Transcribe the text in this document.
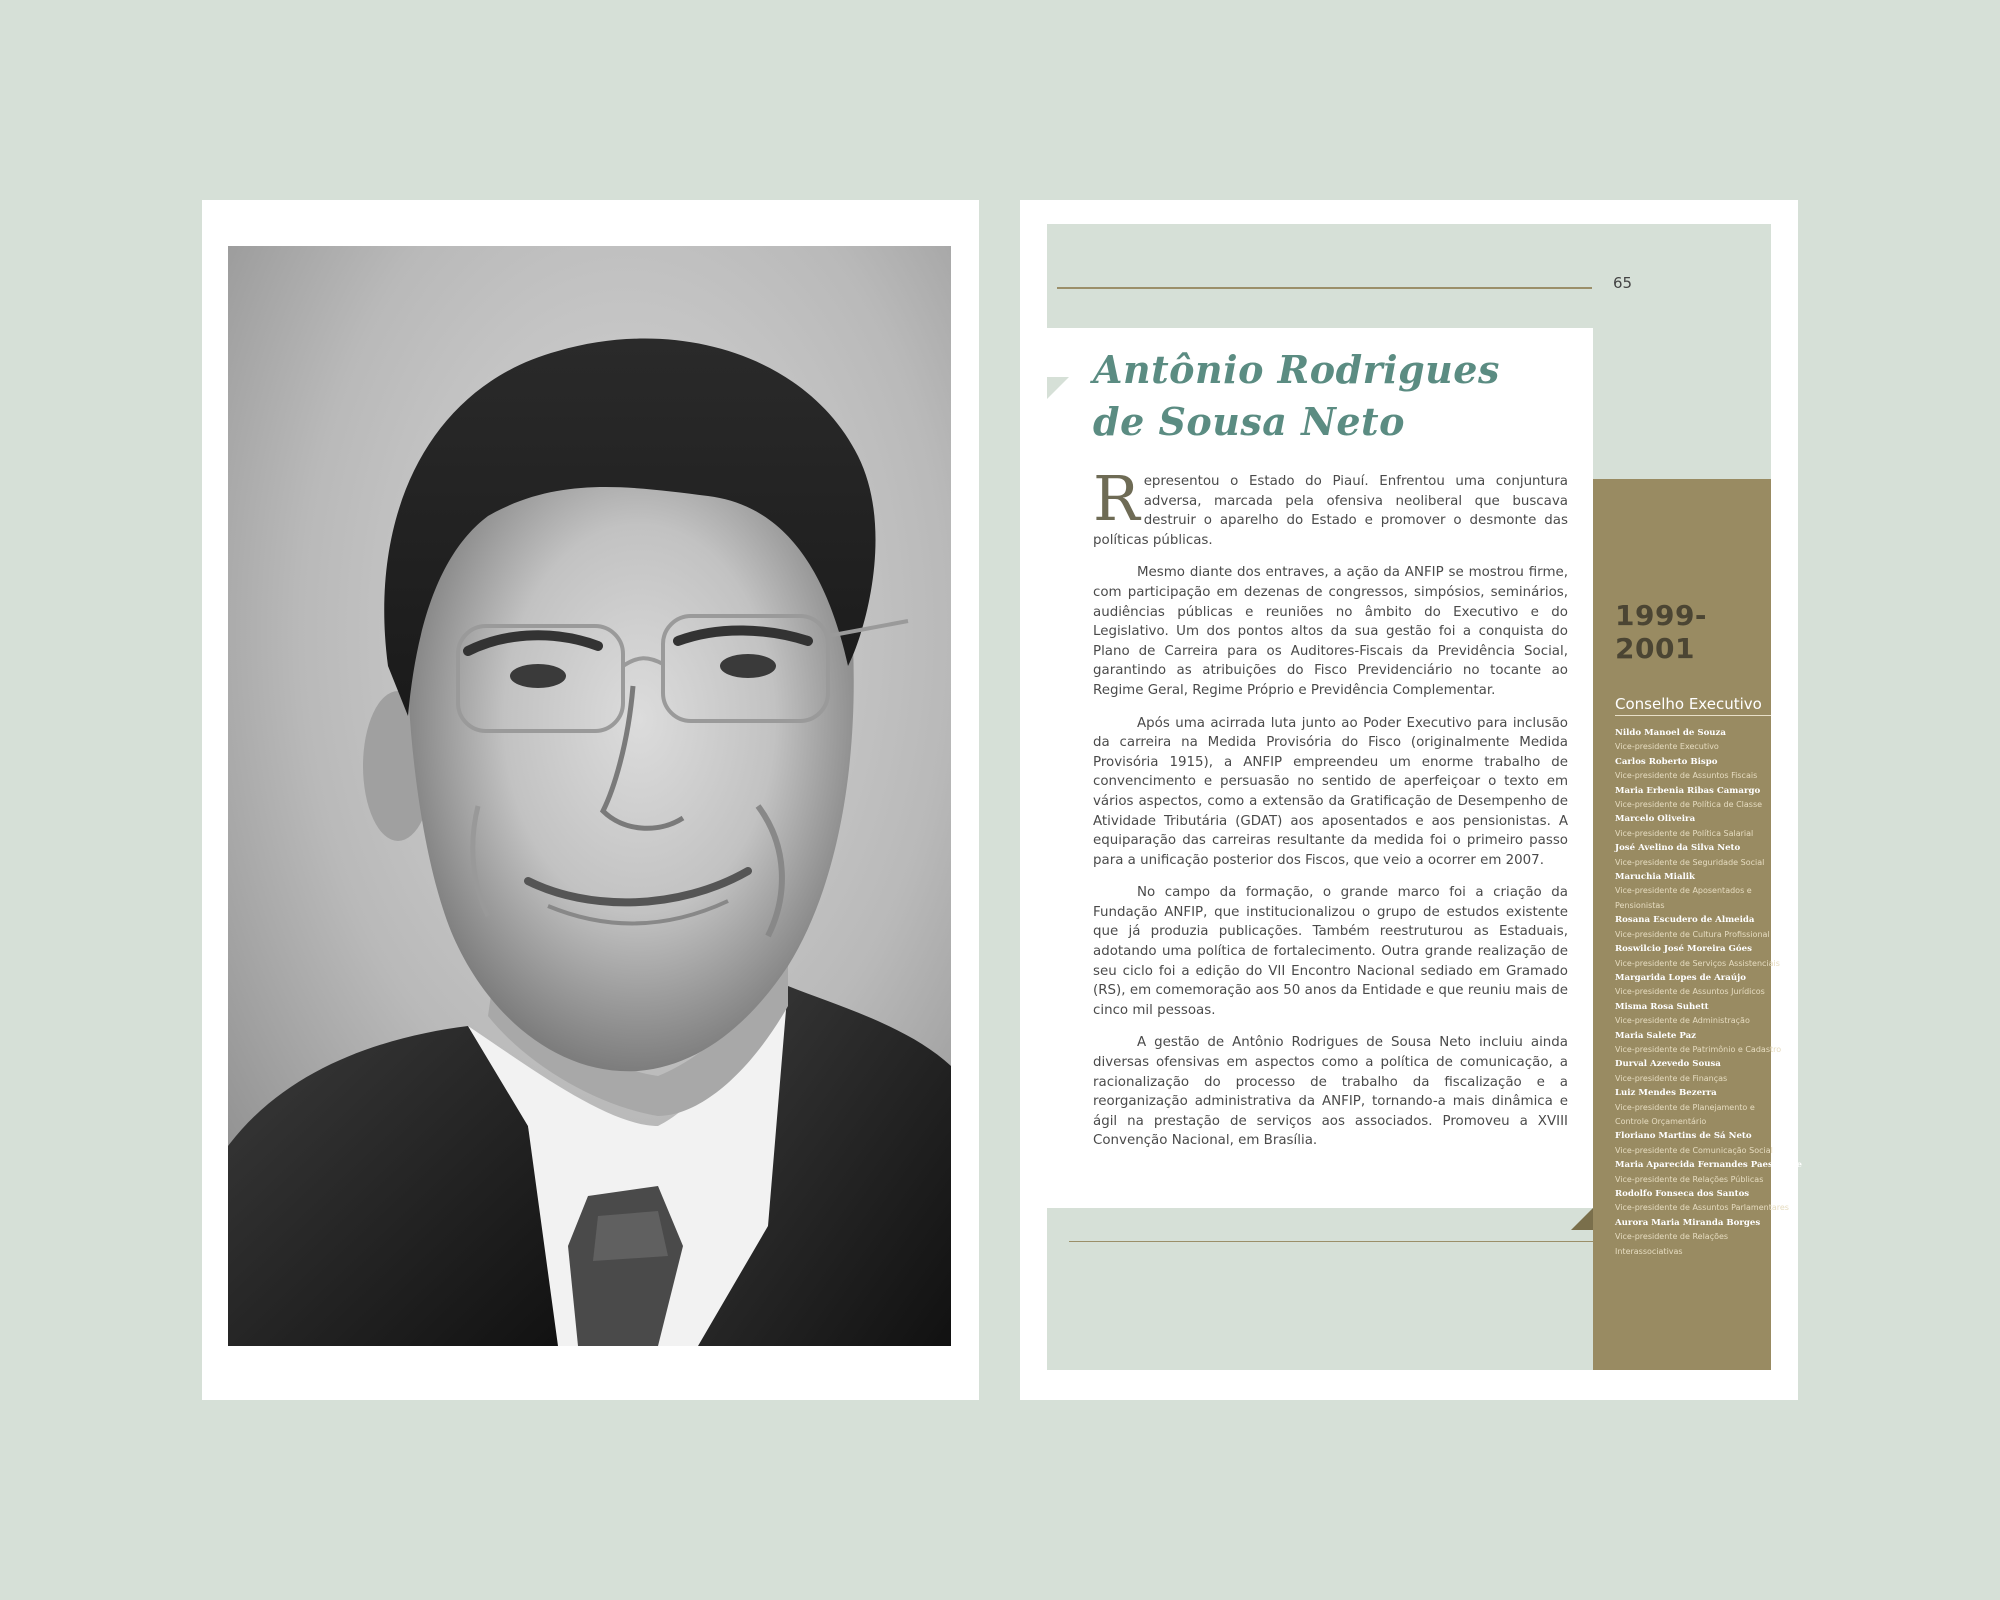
65
Antônio Rodrigues
de Sousa Neto

Representou o Estado do Piauí. Enfrentou uma conjuntura adversa, marcada pela ofensiva neoliberal que buscava destruir o aparelho do Estado e promover o desmonte das políticas públicas.

Mesmo diante dos entraves, a ação da ANFIP se mostrou firme, com participação em dezenas de congressos, simpósios, seminários, audiências públicas e reuniões no âmbito do Executivo e do Legislativo. Um dos pontos altos da sua gestão foi a conquista do Plano de Carreira para os Auditores-Fiscais da Previdência Social, garantindo as atribuições do Fisco Previdenciário no tocante ao Regime Geral, Regime Próprio e Previdência Complementar.

Após uma acirrada luta junto ao Poder Executivo para inclusão da carreira na Medida Provisória do Fisco (originalmente Medida Provisória 1915), a ANFIP empreendeu um enorme trabalho de convencimento e persuasão no sentido de aperfeiçoar o texto em vários aspectos, como a extensão da Gratificação de Desempenho de Atividade Tributária (GDAT) aos aposentados e aos pensionistas. A equiparação das carreiras resultante da medida foi o primeiro passo para a unificação posterior dos Fiscos, que veio a ocorrer em 2007.

No campo da formação, o grande marco foi a criação da Fundação ANFIP, que institucionalizou o grupo de estudos existente que já produzia publicações. Também reestruturou as Estaduais, adotando uma política de fortalecimento. Outra grande realização de seu ciclo foi a edição do VII Encontro Nacional sediado em Gramado (RS), em comemoração aos 50 anos da Entidade e que reuniu mais de cinco mil pessoas.

A gestão de Antônio Rodrigues de Sousa Neto incluiu ainda diversas ofensivas em aspectos como a política de comunicação, a racionalização do processo de trabalho da fiscalização e a reorganização administrativa da ANFIP, tornando-a mais dinâmica e ágil na prestação de serviços aos associados. Promoveu a XVIII Convenção Nacional, em Brasília.

1999-2001
Conselho Executivo
Nildo Manoel de Souza
Vice-presidente Executivo
Carlos Roberto Bispo
Vice-presidente de Assuntos Fiscais
Maria Erbenia Ribas Camargo
Vice-presidente de Política de Classe
Marcelo Oliveira
Vice-presidente de Política Salarial
José Avelino da Silva Neto
Vice-presidente de Seguridade Social
Maruchia Mialik
Vice-presidente de Aposentados e Pensionistas
Rosana Escudero de Almeida
Vice-presidente de Cultura Profissional
Roswilcio José Moreira Góes
Vice-presidente de Serviços Assistenciais
Margarida Lopes de Araújo
Vice-presidente de Assuntos Jurídicos
Misma Rosa Suhett
Vice-presidente de Administração
Maria Salete Paz
Vice-presidente de Patrimônio e Cadastro
Durval Azevedo Sousa
Vice-presidente de Finanças
Luiz Mendes Bezerra
Vice-presidente de Planejamento e Controle Orçamentário
Floriano Martins de Sá Neto
Vice-presidente de Comunicação Social
Maria Aparecida Fernandes Paes Leme
Vice-presidente de Relações Públicas
Rodolfo Fonseca dos Santos
Vice-presidente de Assuntos Parlamentares
Aurora Maria Miranda Borges
Vice-presidente de Relações Interassociativas
